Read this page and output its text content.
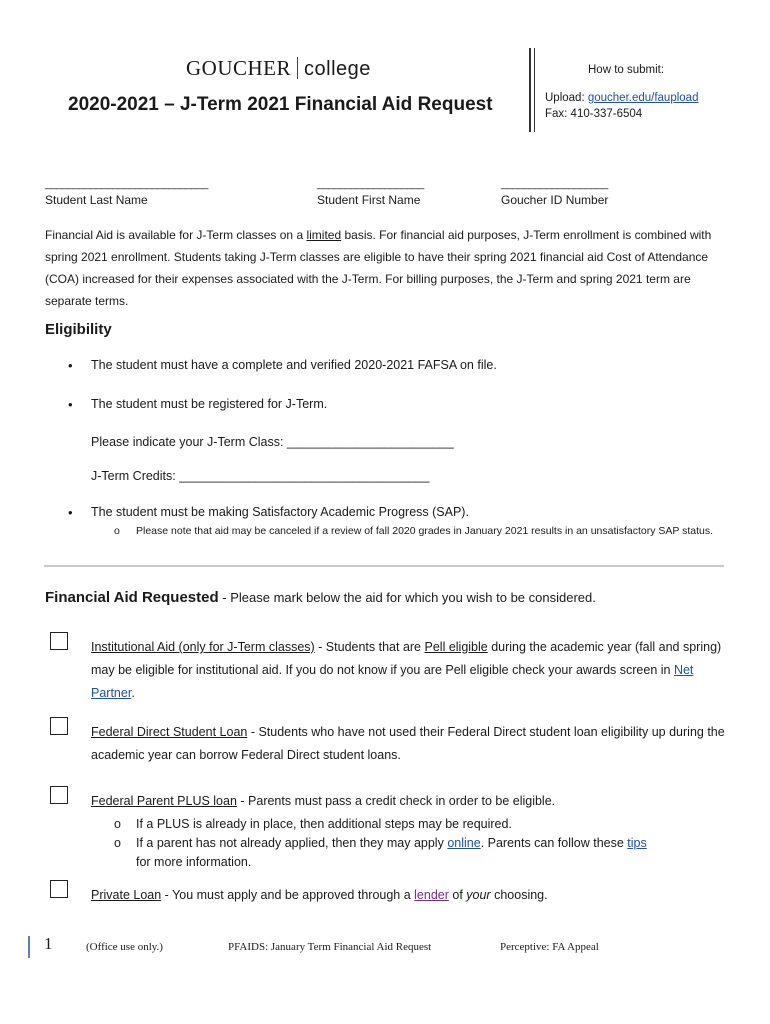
GOUCHER college
2020-2021 – J-Term 2021 Financial Aid Request
How to submit:
Upload: goucher.edu/faupload
Fax: 410-337-6504
_____________________________	___________________	___________________
Student Last Name	Student First Name	Goucher ID Number
Financial Aid is available for J-Term classes on a limited basis. For financial aid purposes, J-Term enrollment is combined with spring 2021 enrollment. Students taking J-Term classes are eligible to have their spring 2021 financial aid Cost of Attendance (COA) increased for their expenses associated with the J-Term. For billing purposes, the J-Term and spring 2021 term are separate terms.
Eligibility
• The student must have a complete and verified 2020-2021 FAFSA on file.
• The student must be registered for J-Term.
Please indicate your J-Term Class: ________________________
J-Term Credits: ____________________________________
• The student must be making Satisfactory Academic Progress (SAP).
o Please note that aid may be canceled if a review of fall 2020 grades in January 2021 results in an unsatisfactory SAP status.
Financial Aid Requested - Please mark below the aid for which you wish to be considered.
Institutional Aid (only for J-Term classes) - Students that are Pell eligible during the academic year (fall and spring) may be eligible for institutional aid. If you do not know if you are Pell eligible check your awards screen in Net Partner.
Federal Direct Student Loan - Students who have not used their Federal Direct student loan eligibility up during the academic year can borrow Federal Direct student loans.
Federal Parent PLUS loan - Parents must pass a credit check in order to be eligible.
o If a PLUS is already in place, then additional steps may be required.
o If a parent has not already applied, then they may apply online. Parents can follow these tips
for more information.
Private Loan - You must apply and be approved through a lender of your choosing.
1	(Office use only.)	PFAIDS: January Term Financial Aid Request	Perceptive: FA Appeal
